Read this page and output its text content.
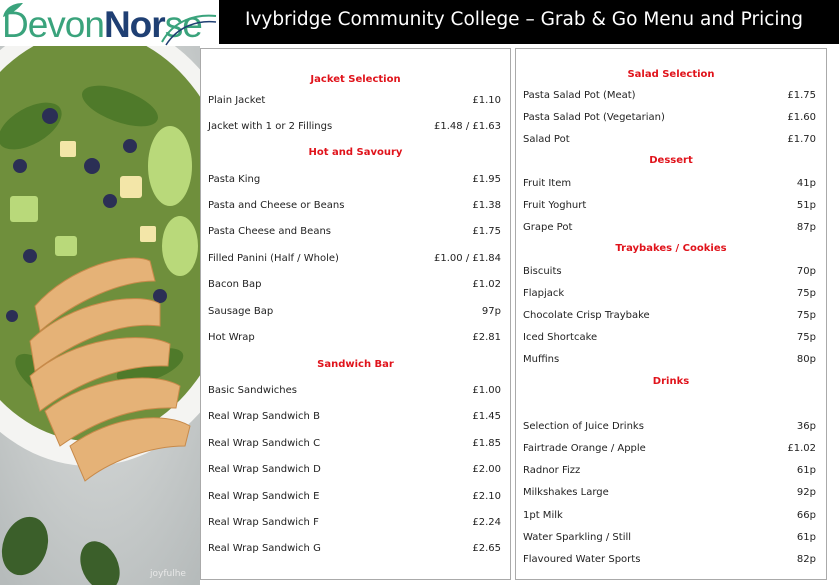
DevonNorse Ivybridge Community College – Grab & Go Menu and Pricing
joyfulhe
Jacket Selection
Plain Jacket	£1.10
Jacket with 1 or 2 Fillings	£1.48 / £1.63
Hot and Savoury
Pasta King	£1.95
Pasta and Cheese or Beans	£1.38
Pasta Cheese and Beans	£1.75
Filled Panini (Half / Whole)	£1.00 / £1.84
Bacon Bap	£1.02
Sausage Bap	97p
Hot Wrap	£2.81
Sandwich Bar
Basic Sandwiches	£1.00
Real Wrap Sandwich B	£1.45
Real Wrap Sandwich C	£1.85
Real Wrap Sandwich D	£2.00
Real Wrap Sandwich E	£2.10
Real Wrap Sandwich F	£2.24
Real Wrap Sandwich G	£2.65
Salad Selection
Pasta Salad Pot (Meat)	£1.75
Pasta Salad Pot (Vegetarian)	£1.60
Salad Pot	£1.70
Dessert
Fruit Item	41p
Fruit Yoghurt	51p
Grape Pot	87p
Traybakes / Cookies
Biscuits	70p
Flapjack	75p
Chocolate Crisp Traybake	75p
Iced Shortcake	75p
Muffins	80p
Drinks
Selection of Juice Drinks	36p
Fairtrade Orange / Apple	£1.02
Radnor Fizz	61p
Milkshakes Large	92p
1pt Milk	66p
Water Sparkling / Still	61p
Flavoured Water Sports	82p
